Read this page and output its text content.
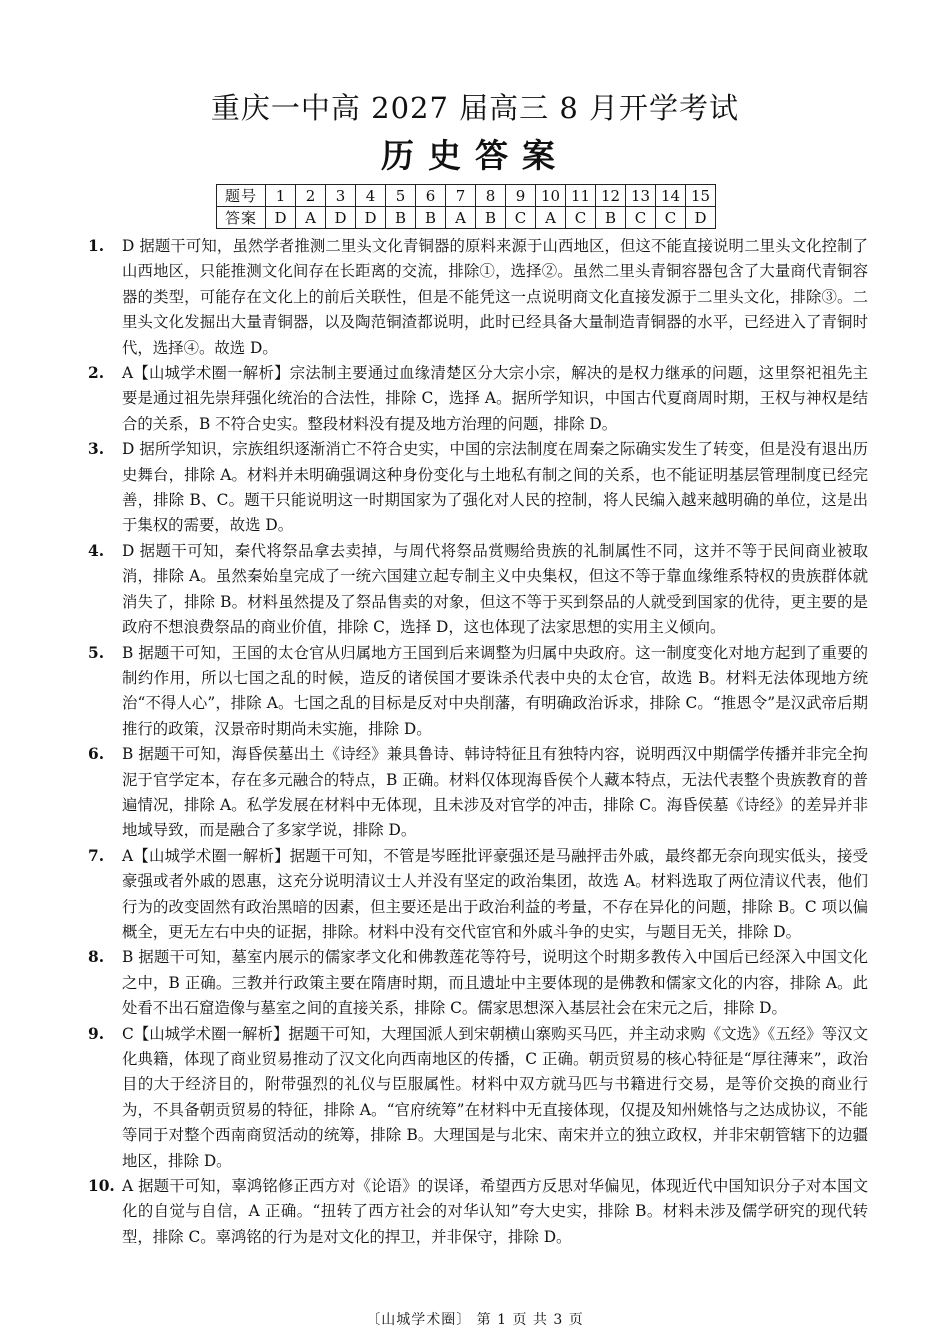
重庆一中高 2027 届高三 8 月开学考试
历史答案
题号	1	2	3	4	5	6	7	8	9	10	11	12	13	14	15
答案	D	A	D	D	B	B	A	B	C	A	C	B	C	C	D
1.	D 据题干可知，虽然学者推测二里头文化青铜器的原料来源于山西地区，但这不能直接说明二里头文化控制了山西地区，只能推测文化间存在长距离的交流，排除①，选择②。虽然二里头青铜容器包含了大量商代青铜容器的类型，可能存在文化上的前后关联性，但是不能凭这一点说明商文化直接发源于二里头文化，排除③。二里头文化发掘出大量青铜器，以及陶范铜渣都说明，此时已经具备大量制造青铜器的水平，已经进入了青铜时代，选择④。故选 D。
2.	A【山城学术圈一解析】宗法制主要通过血缘清楚区分大宗小宗，解决的是权力继承的问题，这里祭祀祖先主要是通过祖先崇拜强化统治的合法性，排除 C，选择 A。据所学知识，中国古代夏商周时期，王权与神权是结合的关系，B 不符合史实。整段材料没有提及地方治理的问题，排除 D。
3.	D 据所学知识，宗族组织逐渐消亡不符合史实，中国的宗法制度在周秦之际确实发生了转变，但是没有退出历史舞台，排除 A。材料并未明确强调这种身份变化与土地私有制之间的关系，也不能证明基层管理制度已经完善，排除 B、C。题干只能说明这一时期国家为了强化对人民的控制，将人民编入越来越明确的单位，这是出于集权的需要，故选 D。
4.	D 据题干可知，秦代将祭品拿去卖掉，与周代将祭品赏赐给贵族的礼制属性不同，这并不等于民间商业被取消，排除 A。虽然秦始皇完成了一统六国建立起专制主义中央集权，但这不等于靠血缘维系特权的贵族群体就消失了，排除 B。材料虽然提及了祭品售卖的对象，但这不等于买到祭品的人就受到国家的优待，更主要的是政府不想浪费祭品的商业价值，排除 C，选择 D，这也体现了法家思想的实用主义倾向。
5.	B 据题干可知，王国的太仓官从归属地方王国到后来调整为归属中央政府。这一制度变化对地方起到了重要的制约作用，所以七国之乱的时候，造反的诸侯国才要诛杀代表中央的太仓官，故选 B。材料无法体现地方统治“不得人心”，排除 A。七国之乱的目标是反对中央削藩，有明确政治诉求，排除 C。“推恩令”是汉武帝后期推行的政策，汉景帝时期尚未实施，排除 D。
6.	B 据题干可知，海昏侯墓出土《诗经》兼具鲁诗、韩诗特征且有独特内容，说明西汉中期儒学传播并非完全拘泥于官学定本，存在多元融合的特点，B 正确。材料仅体现海昏侯个人藏本特点，无法代表整个贵族教育的普遍情况，排除 A。私学发展在材料中无体现，且未涉及对官学的冲击，排除 C。海昏侯墓《诗经》的差异并非地域导致，而是融合了多家学说，排除 D。
7.	A【山城学术圈一解析】据题干可知，不管是岑晊批评豪强还是马融抨击外戚，最终都无奈向现实低头，接受豪强或者外戚的恩惠，这充分说明清议士人并没有坚定的政治集团，故选 A。材料选取了两位清议代表，他们行为的改变固然有政治黑暗的因素，但主要还是出于政治利益的考量，不存在异化的问题，排除 B。C 项以偏概全，更无左右中央的证据，排除。材料中没有交代宦官和外戚斗争的史实，与题目无关，排除 D。
8.	B 据题干可知，墓室内展示的儒家孝文化和佛教莲花等符号，说明这个时期多教传入中国后已经深入中国文化之中，B 正确。三教并行政策主要在隋唐时期，而且遗址中主要体现的是佛教和儒家文化的内容，排除 A。此处看不出石窟造像与墓室之间的直接关系，排除 C。儒家思想深入基层社会在宋元之后，排除 D。
9.	C【山城学术圈一解析】据题干可知，大理国派人到宋朝横山寨购买马匹，并主动求购《文选》《五经》等汉文化典籍，体现了商业贸易推动了汉文化向西南地区的传播，C 正确。朝贡贸易的核心特征是“厚往薄来”，政治目的大于经济目的，附带强烈的礼仪与臣服属性。材料中双方就马匹与书籍进行交易，是等价交换的商业行为，不具备朝贡贸易的特征，排除 A。“官府统筹”在材料中无直接体现，仅提及知州姚恪与之达成协议，不能等同于对整个西南商贸活动的统筹，排除 B。大理国是与北宋、南宋并立的独立政权，并非宋朝管辖下的边疆地区，排除 D。
10. A 据题干可知，辜鸿铭修正西方对《论语》的误译，希望西方反思对华偏见，体现近代中国知识分子对本国文化的自觉与自信，A 正确。“扭转了西方社会的对华认知”夸大史实，排除 B。材料未涉及儒学研究的现代转型，排除 C。辜鸿铭的行为是对文化的捍卫，并非保守，排除 D。
〔山城学术圈〕 第 1 页 共 3 页
